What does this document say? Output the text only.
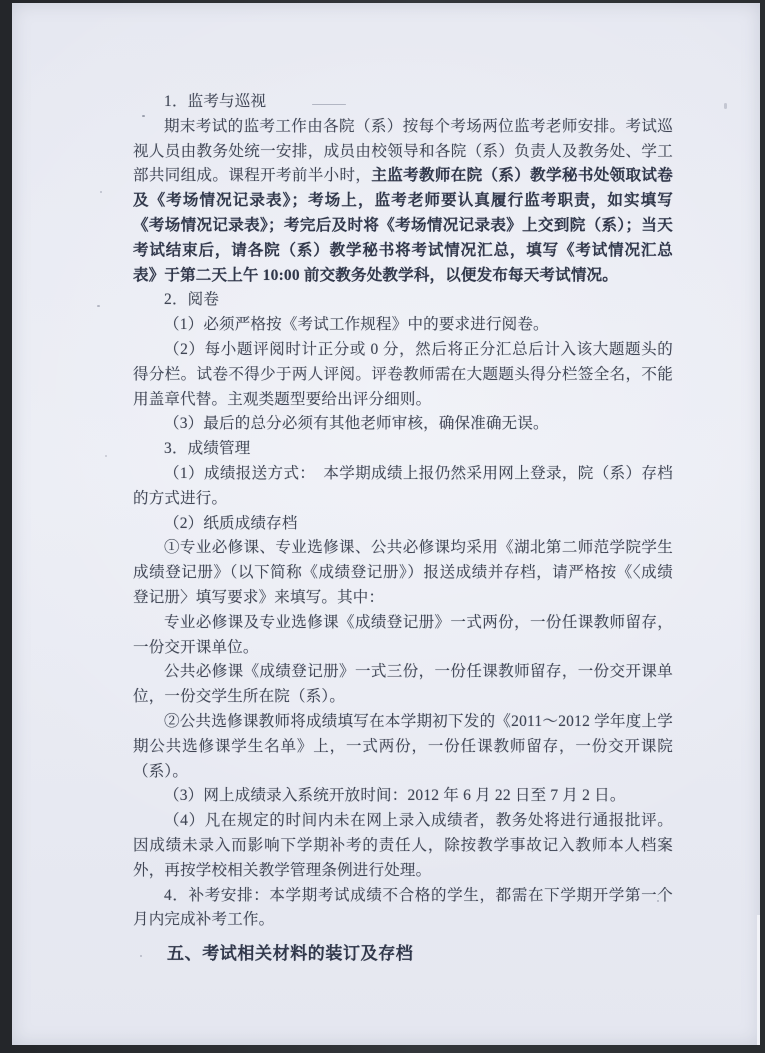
1．监考与巡视

期末考试的监考工作由各院（系）按每个考场两位监考老师安排。考试巡视人员由教务处统一安排，成员由校领导和各院（系）负责人及教务处、学工部共同组成。课程开考前半小时，主监考教师在院（系）教学秘书处领取试卷及《考场情况记录表》；考场上，监考老师要认真履行监考职责，如实填写《考场情况记录表》；考完后及时将《考场情况记录表》上交到院（系）；当天考试结束后，请各院（系）教学秘书将考试情况汇总，填写《考试情况汇总表》于第二天上午 10:00 前交教务处教学科，以便发布每天考试情况。

2．阅卷

（1）必须严格按《考试工作规程》中的要求进行阅卷。

（2）每小题评阅时计正分或 0 分，然后将正分汇总后计入该大题题头的得分栏。试卷不得少于两人评阅。评卷教师需在大题题头得分栏签全名，不能用盖章代替。主观类题型要给出评分细则。

（3）最后的总分必须有其他老师审核，确保准确无误。

3．成绩管理

（1）成绩报送方式：　本学期成绩上报仍然采用网上登录，院（系）存档的方式进行。

（2）纸质成绩存档

①专业必修课、专业选修课、公共必修课均采用《湖北第二师范学院学生成绩登记册》（以下简称《成绩登记册》）报送成绩并存档，请严格按《〈成绩登记册〉填写要求》来填写。其中：

专业必修课及专业选修课《成绩登记册》一式两份，一份任课教师留存，一份交开课单位。

公共必修课《成绩登记册》一式三份，一份任课教师留存，一份交开课单位，一份交学生所在院（系）。

②公共选修课教师将成绩填写在本学期初下发的《2011～2012 学年度上学期公共选修课学生名单》上，一式两份，一份任课教师留存，一份交开课院（系）。

（3）网上成绩录入系统开放时间：2012 年 6 月 22 日至 7 月 2 日。

（4）凡在规定的时间内未在网上录入成绩者，教务处将进行通报批评。因成绩未录入而影响下学期补考的责任人，除按教学事故记入教师本人档案外，再按学校相关教学管理条例进行处理。

4．补考安排：本学期考试成绩不合格的学生，都需在下学期开学第一个月内完成补考工作。

五、考试相关材料的装订及存档
